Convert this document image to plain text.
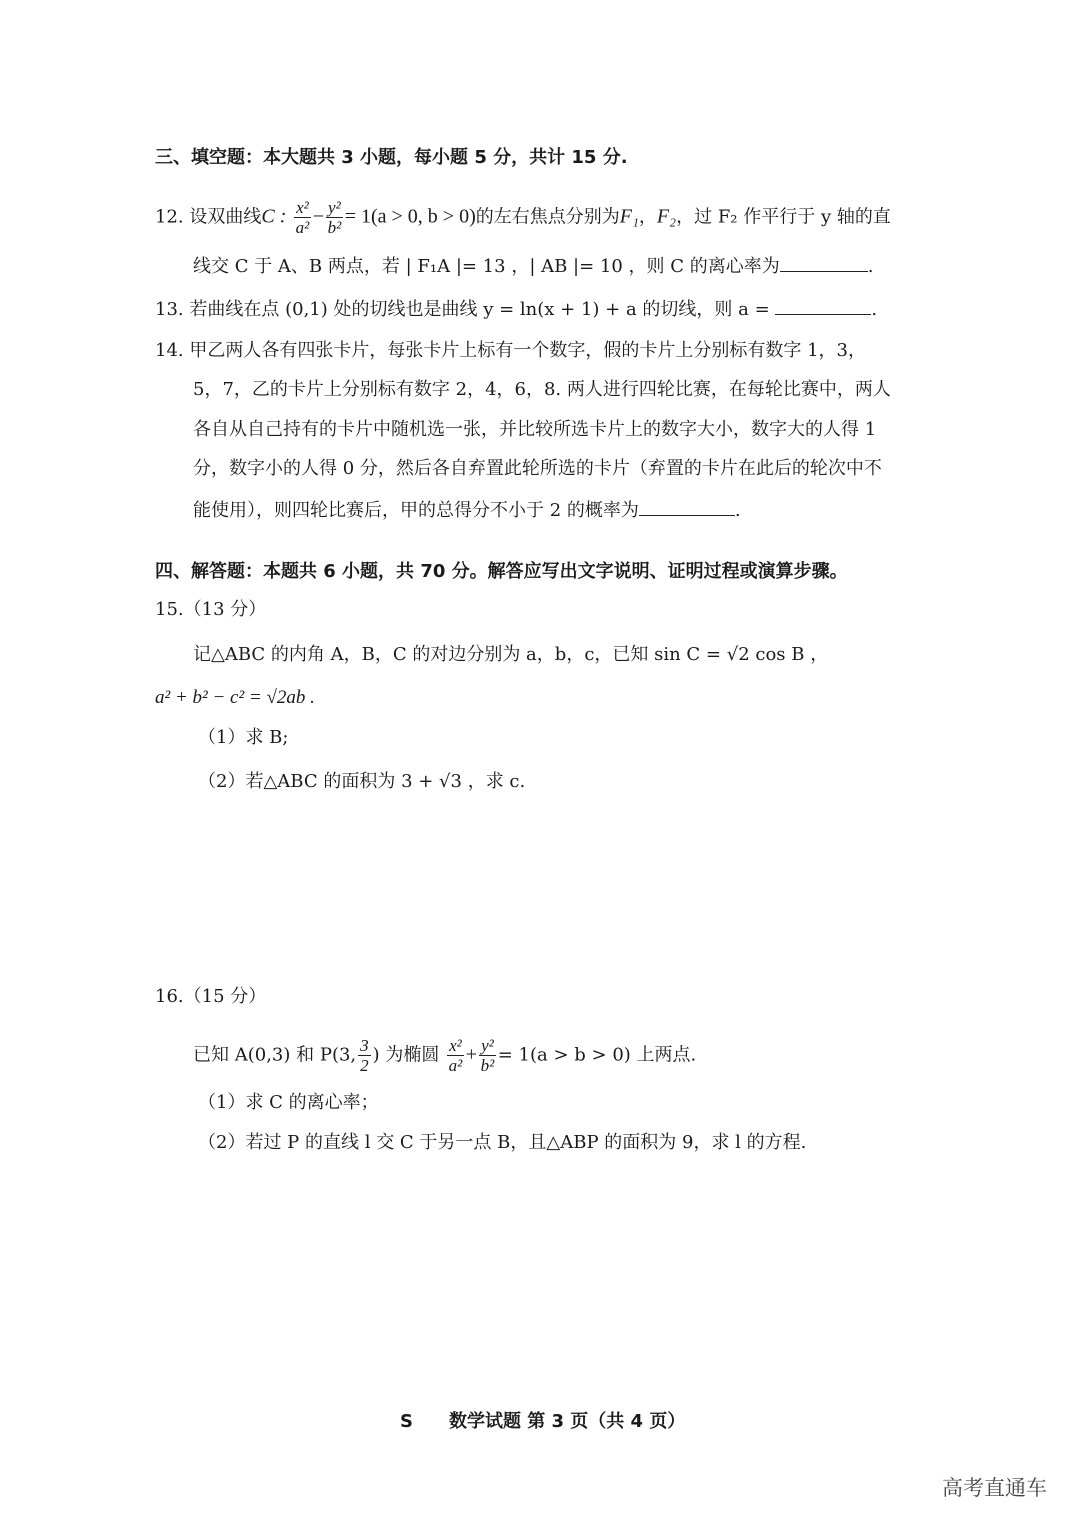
三、填空题：本大题共 3 小题，每小题 5 分，共计 15 分.
12. 设双曲线C : $\frac{\text{x²}}{\text{a²}} - \frac{\text{y²}}{\text{b²}} = 1(a > 0$, b > 0)的左右焦点分别为F₁，F₂，过 F₂ 作平行于 y 轴的直
线交 C 于 A、B 两点，若 | F₁A |= 13 ，| AB |= 10 ，则 C 的离心率为	.
13. 若曲线在点 (0,1) 处的切线也是曲线 y = ln(x + 1) + a 的切线，则 a =	.
14. 甲乙两人各有四张卡片，每张卡片上标有一个数字，假的卡片上分别标有数字 1，3，
5，7，乙的卡片上分别标有数字 2，4，6，8. 两人进行四轮比赛，在每轮比赛中，两人
各自从自己持有的卡片中随机选一张，并比较所选卡片上的数字大小，数字大的人得 1
分，数字小的人得 0 分，然后各自弃置此轮所选的卡片（弃置的卡片在此后的轮次中不
能使用），则四轮比赛后，甲的总得分不小于 2 的概率为	.
四、解答题：本题共 6 小题，共 70 分。解答应写出文字说明、证明过程或演算步骤。
15.（13 分）
记△ABC 的内角 A，B，C 的对边分别为 a，b，c，已知 sin C = √2 cos B ，
a² + b² − c² = √2ab .
（1）求 B;
（2）若△ABC 的面积为 3 + √3 ，求 c.
16.（15 分）
已知 A(0,3) 和 P(3, $\frac{3}{2}$ ) 为椭圆 $\frac{\text{x²}}{\text{a²}} + \frac{\text{y²}}{\text{b²}} = 1(a > b > 0)$ 上两点.
（1）求 C 的离心率；
（2）若过 P 的直线 l 交 C 于另一点 B，且△ABP 的面积为 9，求 l 的方程.
S　　数学试题 第 3 页（共 4 页）
高考直通车
